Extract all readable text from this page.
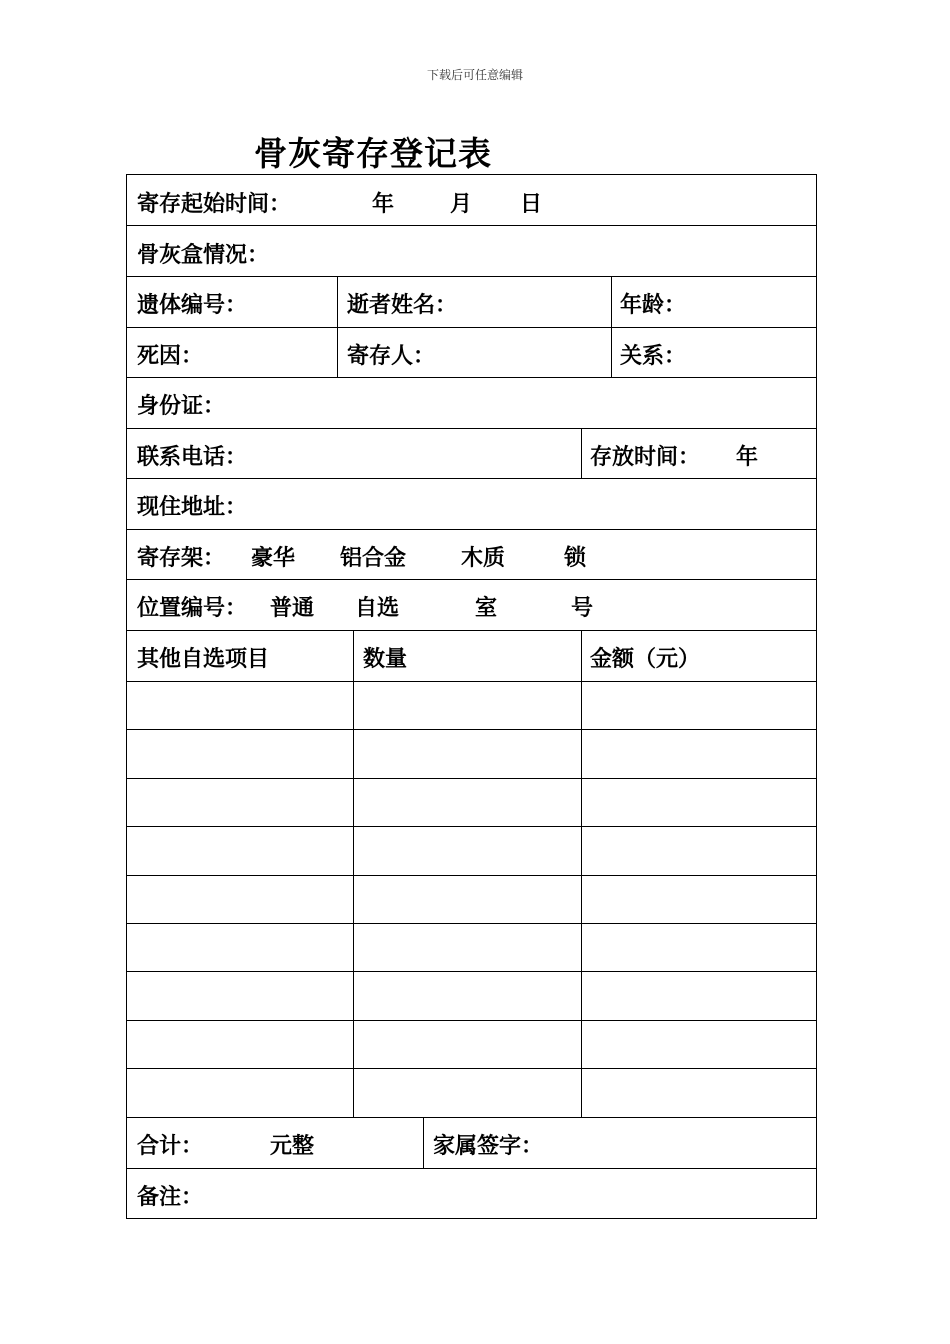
下载后可任意编辑
骨灰寄存登记表
寄存起始时间：	年	月 日
骨灰盒情况：
遗体编号：	逝者姓名：	年龄：
死因：	寄存人：	关系：
身份证：
联系电话：	存放时间： 年
现住地址：
寄存架： 豪华 铝合金 木质	锁
位置编号： 普通 自选	室	号
其他自选项目	数量	金额（元）
合计：	元整	家属签字：
备注：
